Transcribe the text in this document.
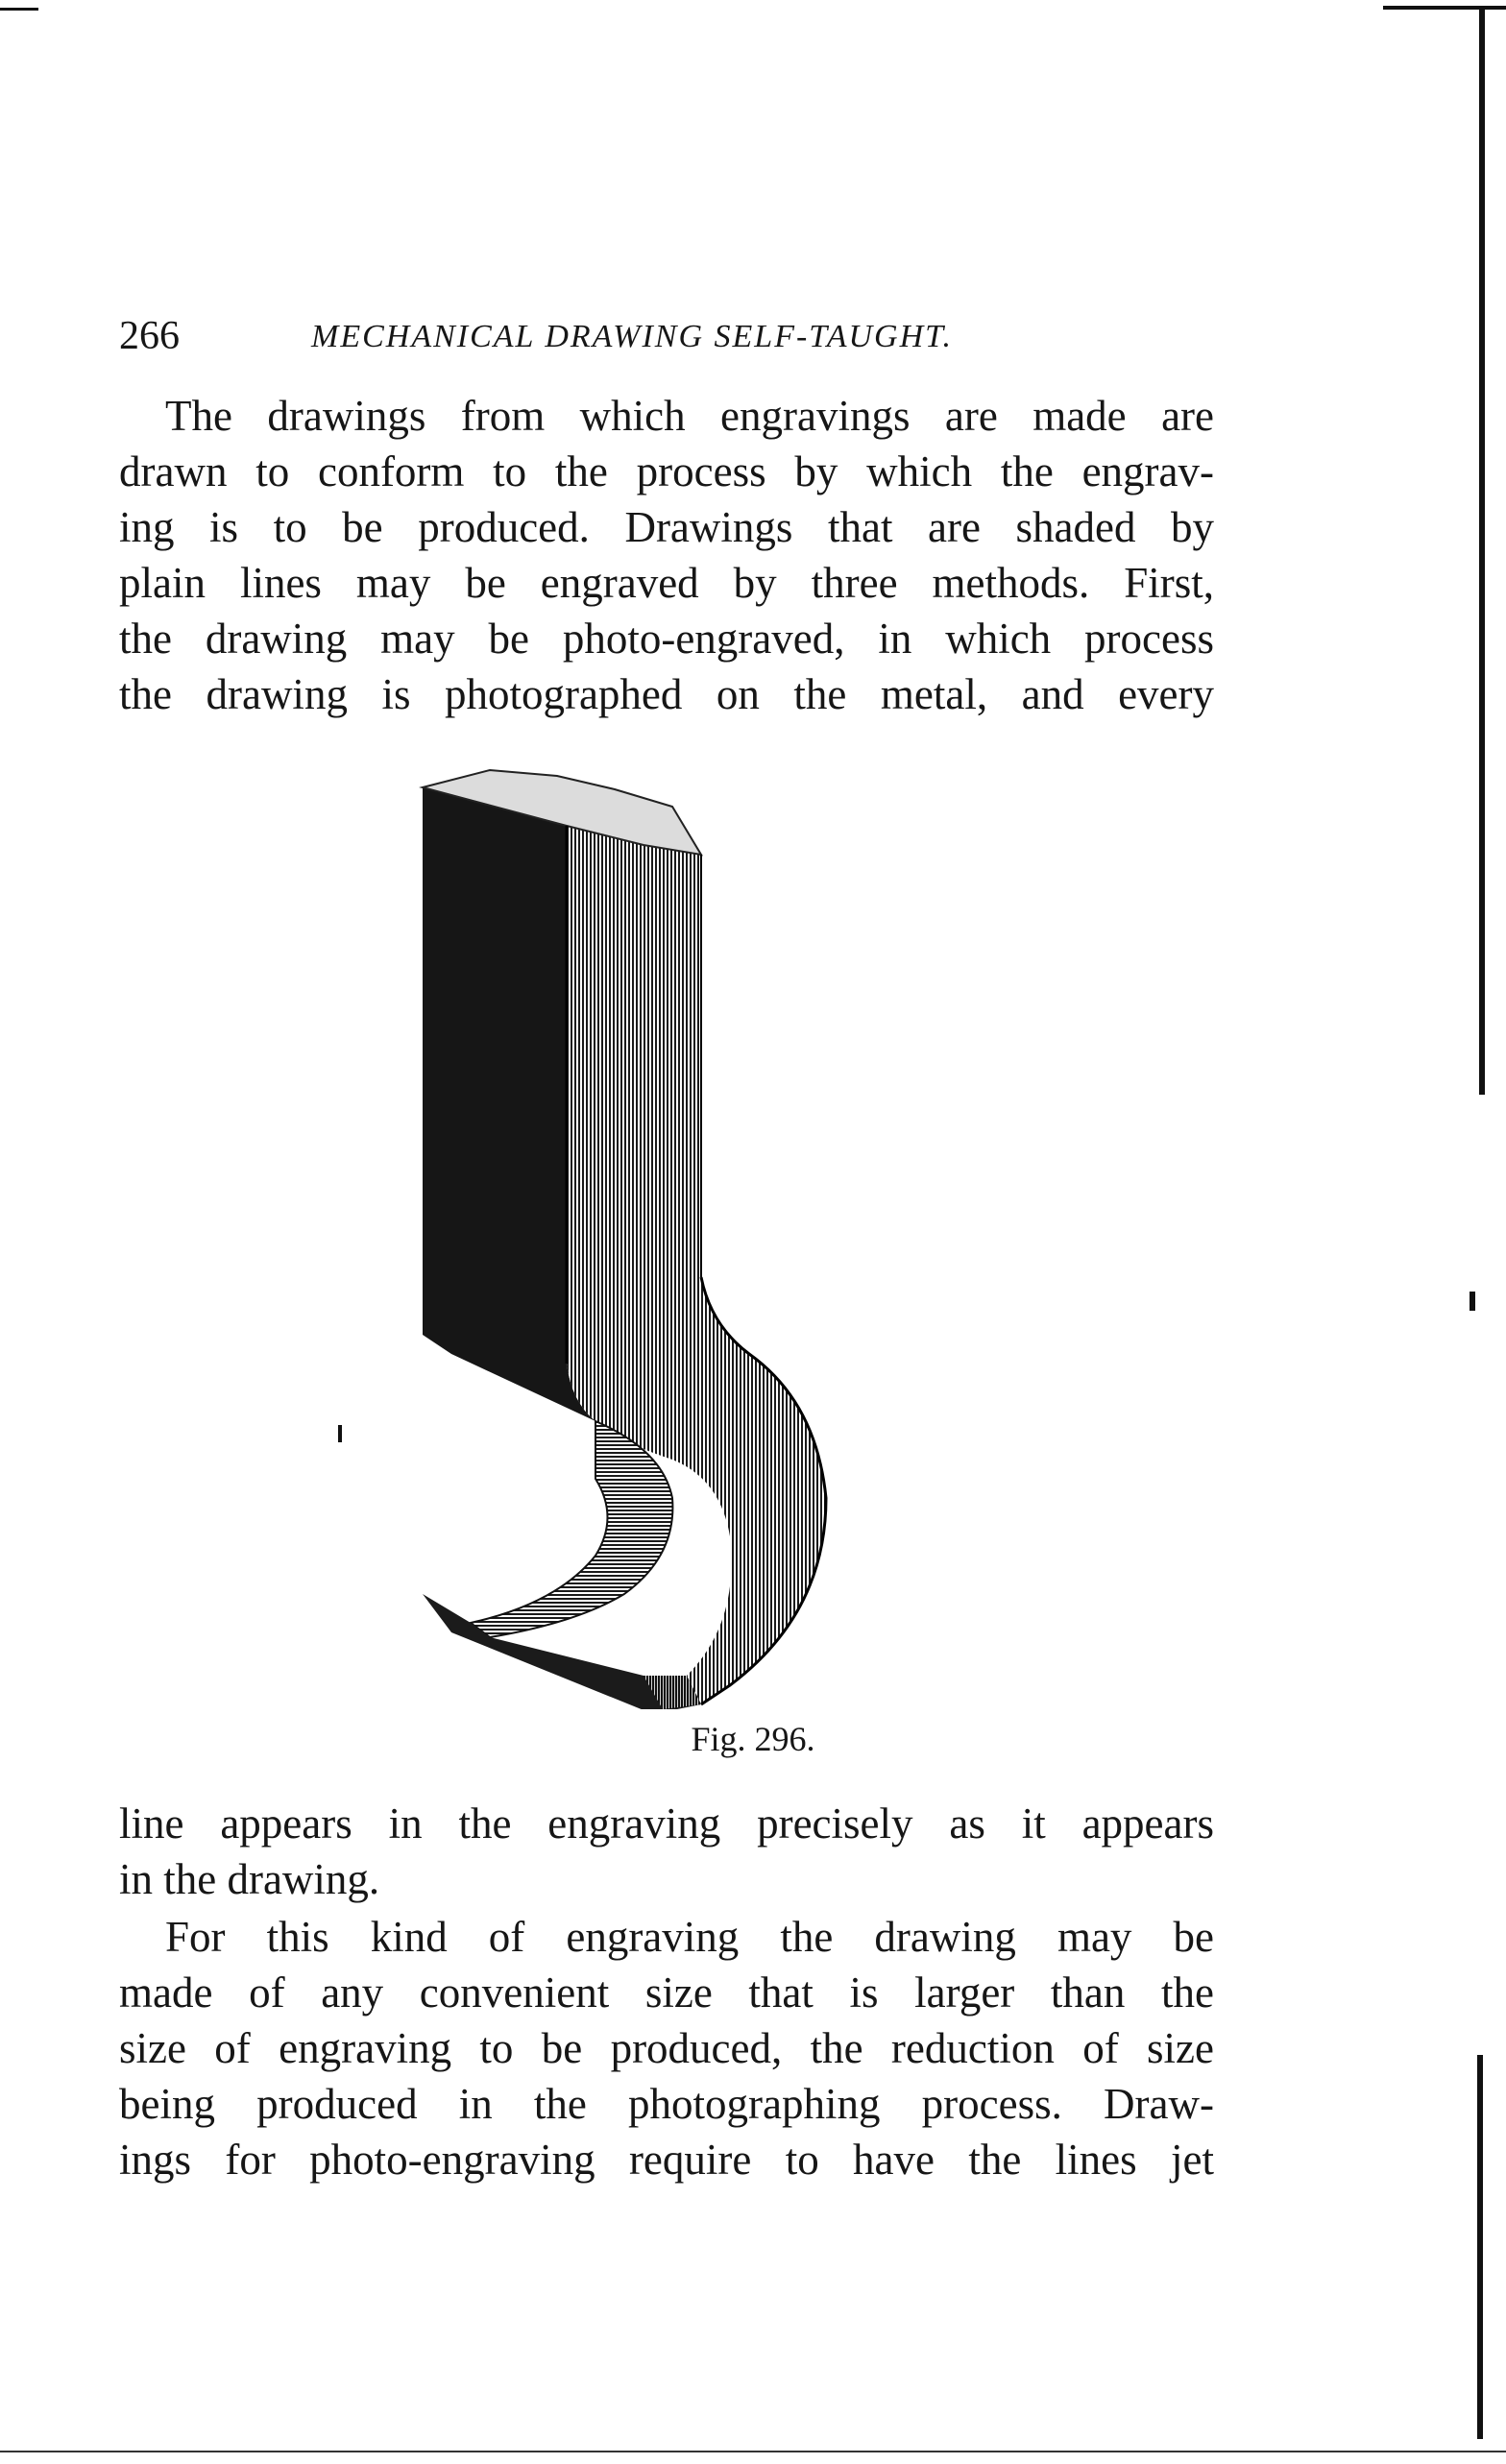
266	MECHANICAL DRAWING SELF-TAUGHT.
The drawings from which engravings are made are
drawn to conform to the process by which the engrav-
ing is to be produced. Drawings that are shaded by
plain lines may be engraved by three methods. First,
the drawing may be photo-engraved, in which process
the drawing is photographed on the metal, and every
Fig. 296.
line appears in the engraving precisely as it appears
in the drawing.
For this kind of engraving the drawing may be
made of any convenient size that is larger than the
size of engraving to be produced, the reduction of size
being produced in the photographing process. Draw-
ings for photo-engraving require to have the lines jet
